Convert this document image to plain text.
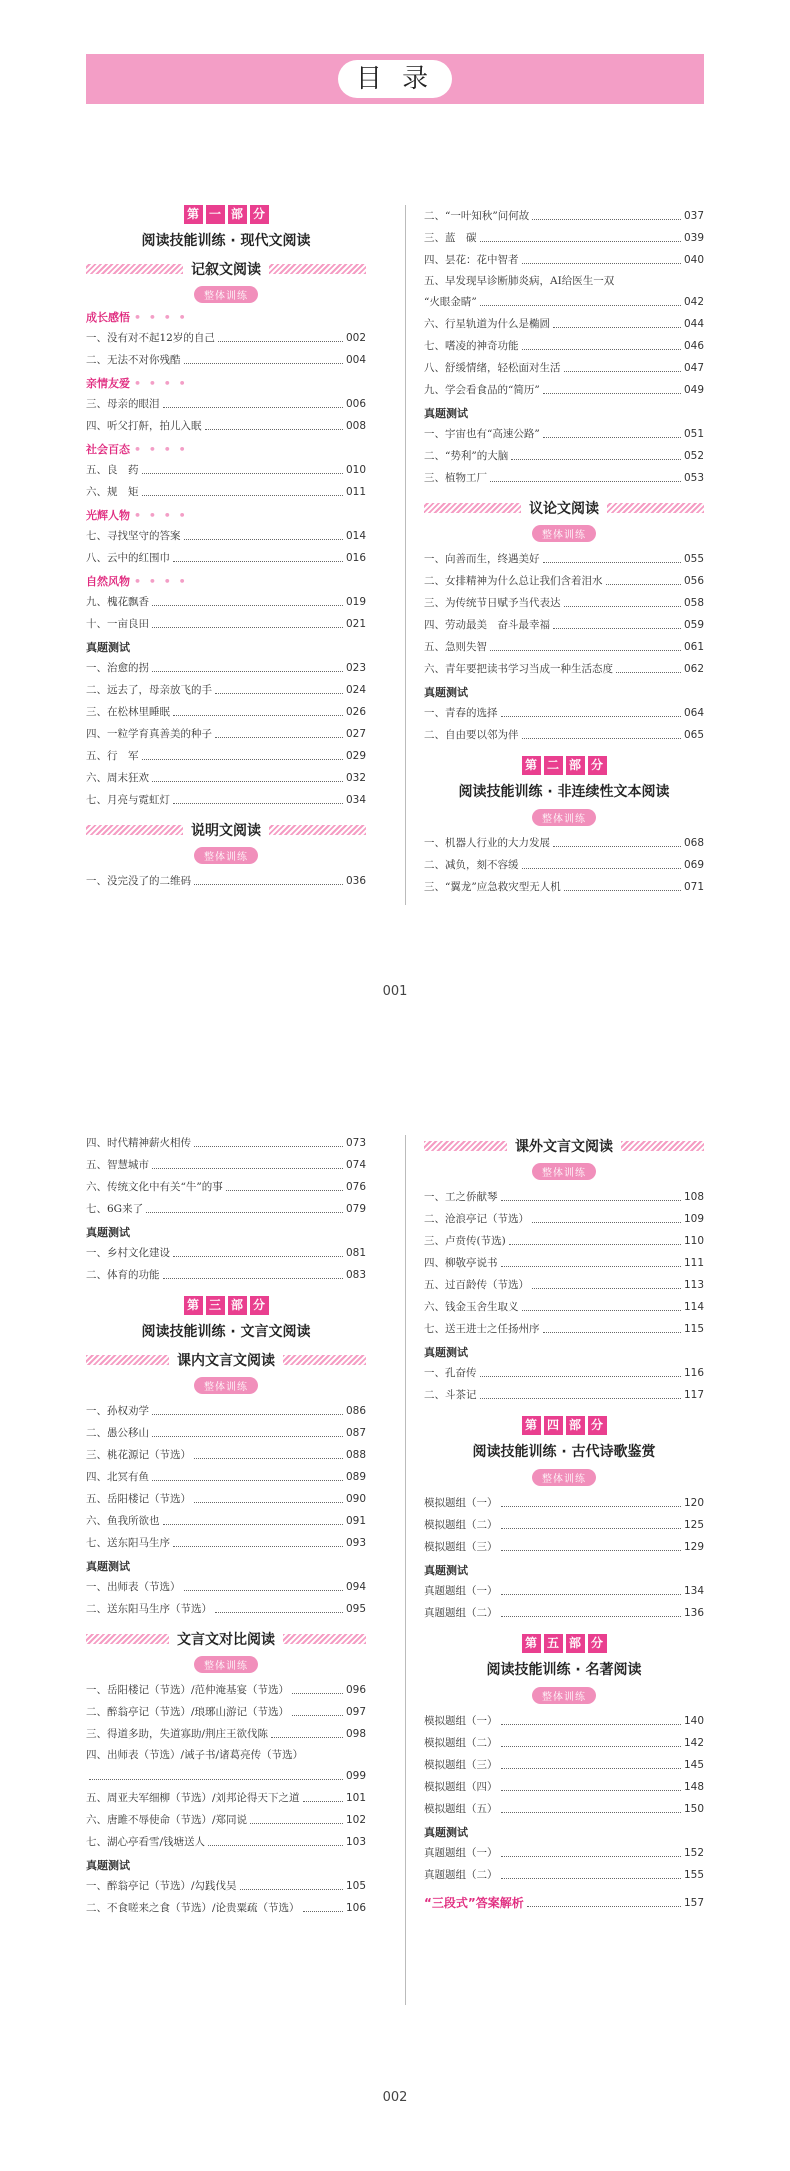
目 录
第 一 部 分
阅读技能训练 · 现代文阅读
记叙文阅读
整体训练
成长感悟 • • • •
一、没有对不起12岁的自己	002
二、无法不对你残酷	004
亲情友爱 • • • •
三、母亲的眼泪	006
四、听父打鼾，拍儿入眠	008
社会百态 • • • •
五、良　药	010
六、规　矩	011
光辉人物 • • • •
七、寻找坚守的答案	014
八、云中的红围巾	016
自然风物 • • • •
九、槐花飘香	019
十、一亩良田	021
真题测试
一、治愈的拐	023
二、远去了，母亲放飞的手	024
三、在松林里睡眠	026
四、一粒学育真善美的种子	027
五、行　军	029
六、周末狂欢	032
七、月亮与霓虹灯	034
说明文阅读
整体训练
一、没完没了的二维码	036
二、“一叶知秋”问何故	037
三、蓝　碳	039
四、昙花：花中智者	040
五、早发现早诊断肺炎病，AI给医生一双
“火眼金睛”	042
六、行星轨道为什么是椭圆	044
七、嗜凌的神奇功能	046
八、舒缓情绪，轻松面对生活	047
九、学会看食品的“简历”	049
真题测试
一、宇宙也有“高速公路”	051
二、“势利”的大脑	052
三、植物工厂	053
议论文阅读
整体训练
一、向善而生，终遇美好	055
二、女排精神为什么总让我们含着泪水	056
三、为传统节日赋予当代表达	058
四、劳动最美　奋斗最幸福	059
五、急则失智	061
六、青年要把读书学习当成一种生活态度	062
真题测试
一、青春的选择	064
二、自由要以邻为伴	065
第 二 部 分
阅读技能训练 · 非连续性文本阅读
整体训练
一、机器人行业的大力发展	068
二、减负，刻不容缓	069
三、“翼龙”应急救灾型无人机	071
001
四、时代精神薪火相传	073
五、智慧城市	074
六、传统文化中有关“牛”的事	076
七、6G来了	079
真题测试
一、乡村文化建设	081
二、体育的功能	083
第 三 部 分
阅读技能训练 · 文言文阅读
课内文言文阅读
整体训练
一、孙权劝学	086
二、愚公移山	087
三、桃花源记（节选）	088
四、北冥有鱼	089
五、岳阳楼记（节选）	090
六、鱼我所欲也	091
七、送东阳马生序	093
真题测试
一、出师表（节选）	094
二、送东阳马生序（节选）	095
文言文对比阅读
整体训练
一、岳阳楼记（节选）/范仲淹基宴（节选）	096
二、醉翁亭记（节选）/琅琊山游记（节选）	097
三、得道多助，失道寡助/荆庄王欲伐陈	098
四、出师表（节选）/诫子书/诸葛亮传（节选）
099
五、周亚夫军细柳（节选）/刘邦论得天下之道	101
六、唐雎不辱使命（节选）/郑同说	102
七、湖心亭看雪/钱塘送人	103
真题测试
一、醉翁亭记（节选）/勾践伐吴	105
二、不食嗟来之食（节选）/论贵粟疏（节选）	106
课外文言文阅读
整体训练
一、工之侨献琴	108
二、沧浪亭记（节选）	109
三、卢贲传(节选)	110
四、柳敬亭说书	111
五、过百龄传（节选）	113
六、钱金玉舍生取义	114
七、送王进士之任扬州序	115
真题测试
一、孔奋传	116
二、斗茶记	117
第 四 部 分
阅读技能训练 · 古代诗歌鉴赏
整体训练
模拟题组（一）	120
模拟题组（二）	125
模拟题组（三）	129
真题测试
真题题组（一）	134
真题题组（二）	136
第 五 部 分
阅读技能训练 · 名著阅读
整体训练
模拟题组（一）	140
模拟题组（二）	142
模拟题组（三）	145
模拟题组（四）	148
模拟题组（五）	150
真题测试
真题题组（一）	152
真题题组（二）	155
“三段式”答案解析	157
002
